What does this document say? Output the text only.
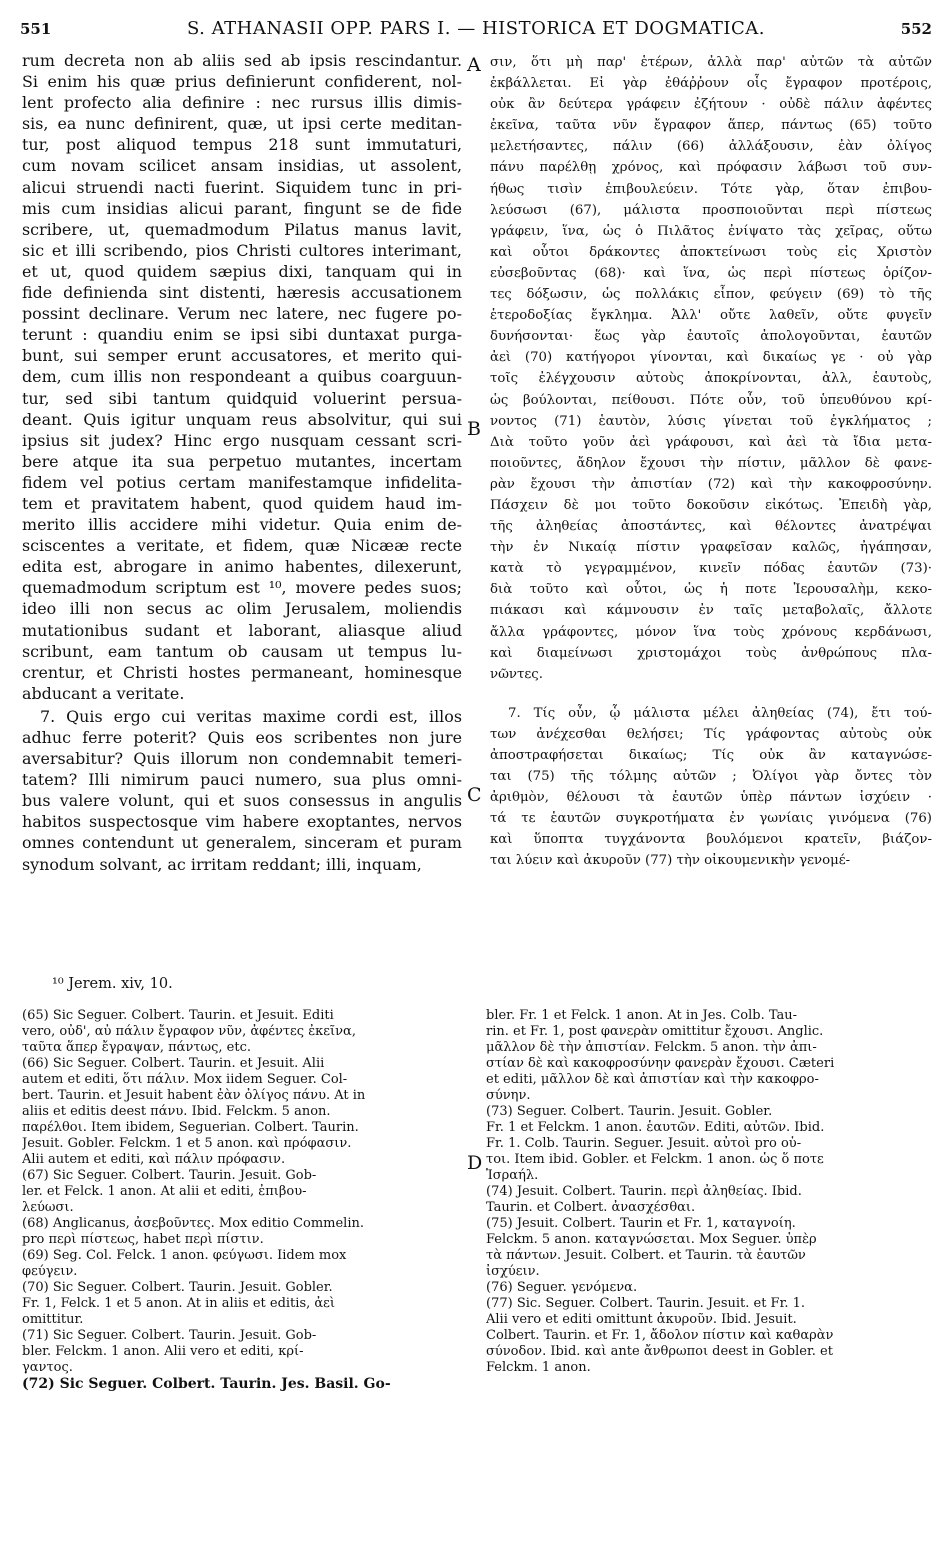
551	S. ATHANASII OPP. PARS I. — HISTORICA ET DOGMATICA.	552
rum decreta non ab aliis sed ab ipsis rescindantur.
Si enim his quæ prius definierunt confiderent, nol-
lent profecto alia definire : nec rursus illis dimis-
sis, ea nunc definirent, quæ, ut ipsi certe meditan-
tur, post aliquod tempus 218 sunt immutaturi,
cum novam scilicet ansam insidias, ut assolent,
alicui struendi nacti fuerint. Siquidem tunc in pri-
mis cum insidias alicui parant, fingunt se de fide
scribere, ut, quemadmodum Pilatus manus lavit,
sic et illi scribendo, pios Christi cultores interimant,
et ut, quod quidem sæpius dixi, tanquam qui in
fide definienda sint distenti, hæresis accusationem
possint declinare. Verum nec latere, nec fugere po-
terunt : quandiu enim se ipsi sibi duntaxat purga-
bunt, sui semper erunt accusatores, et merito qui-
dem, cum illis non respondeant a quibus coarguun-
tur, sed sibi tantum quidquid voluerint persua-
deant. Quis igitur unquam reus absolvitur, qui sui
ipsius sit judex? Hinc ergo nusquam cessant scri-
bere atque ita sua perpetuo mutantes, incertam
fidem vel potius certam manifestamque infidelita-
tem et pravitatem habent, quod quidem haud im-
merito illis accidere mihi videtur. Quia enim de-
sciscentes a veritate, et fidem, quæ Nicææ recte
edita est, abrogare in animo habentes, dilexerunt,
quemadmodum scriptum est ¹⁰, movere pedes suos;
ideo illi non secus ac olim Jerusalem, moliendis
mutationibus sudant et laborant, aliasque aliud
scribunt, eam tantum ob causam ut tempus lu-
crentur, et Christi hostes permaneant, hominesque
abducant a veritate.
7. Quis ergo cui veritas maxime cordi est, illos
adhuc ferre poterit? Quis eos scribentes non jure
aversabitur? Quis illorum non condemnabit temeri-
tatem? Illi nimirum pauci numero, sua plus omni-
bus valere volunt, qui et suos consessus in angulis
habitos suspectosque vim habere exoptantes, nervos
omnes contendunt ut generalem, sinceram et puram
synodum solvant, ac irritam reddant; illi, inquam,
σιν, ὅτι μὴ παρ' ἑτέρων, ἀλλὰ παρ' αὐτῶν τὰ αὐτῶν
ἐκβάλλεται. Εἰ γὰρ ἐθάῤῥουν οἷς ἔγραφον προτέροις,
οὐκ ἂν δεύτερα γράφειν ἐζήτουν · οὐδὲ πάλιν ἀφέντες
ἐκεῖνα, ταῦτα νῦν ἔγραφον ἅπερ, πάντως (65) τοῦτο
μελετήσαντες, πάλιν (66) ἀλλάξουσιν, ἐὰν ὀλίγος
πάνυ παρέλθῃ χρόνος, καὶ πρόφασιν λάβωσι τοῦ συν-
ήθως τισὶν ἐπιβουλεύειν. Τότε γὰρ, ὅταν ἐπιβου-
λεύσωσι (67), μάλιστα προσποιοῦνται περὶ πίστεως
γράφειν, ἵνα, ὡς ὁ Πιλᾶτος ἐνίψατο τὰς χεῖρας, οὕτω
καὶ οὗτοι δράκοντες ἀποκτείνωσι τοὺς εἰς Χριστὸν
εὐσεβοῦντας (68)· καὶ ἵνα, ὡς περὶ πίστεως ὁρίζον-
τες δόξωσιν, ὡς πολλάκις εἶπον, φεύγειν (69) τὸ τῆς
ἑτεροδοξίας ἔγκλημα. Ἀλλ' οὔτε λαθεῖν, οὔτε φυγεῖν
δυνήσονται· ἕως γὰρ ἑαυτοῖς ἀπολογοῦνται, ἑαυτῶν
ἀεὶ (70) κατήγοροι γίνονται, καὶ δικαίως γε · οὐ γὰρ
τοῖς ἐλέγχουσιν αὐτοὺς ἀποκρίνονται, ἀλλ, ἑαυτοὺς,
ὡς βούλονται, πείθουσι. Πότε οὖν, τοῦ ὑπευθύνου κρί-
νοντος (71) ἑαυτὸν, λύσις γίνεται τοῦ ἐγκλήματος ;
Διὰ τοῦτο γοῦν ἀεὶ γράφουσι, καὶ ἀεὶ τὰ ἴδια μετα-
ποιοῦντες, ἄδηλον ἔχουσι τὴν πίστιν, μᾶλλον δὲ φανε-
ρὰν ἔχουσι τὴν ἀπιστίαν (72) καὶ τὴν κακοφροσύνην.
Πάσχειν δὲ μοι τοῦτο δοκοῦσιν εἰκότως. Ἐπειδὴ γὰρ,
τῆς ἀληθείας ἀποστάντες, καὶ θέλοντες ἀνατρέψαι
τὴν ἐν Νικαίᾳ πίστιν γραφεῖσαν καλῶς, ἠγάπησαν,
κατὰ τὸ γεγραμμένον, κινεῖν πόδας ἑαυτῶν (73)·
διὰ τοῦτο καὶ οὗτοι, ὡς ἡ ποτε Ἱερουσαλὴμ, κεκο-
πιάκασι καὶ κάμνουσιν ἐν ταῖς μεταβολαῖς, ἄλλοτε
ἄλλα γράφοντες, μόνον ἵνα τοὺς χρόνους κερδάνωσι,
καὶ διαμείνωσι χριστομάχοι τοὺς ἀνθρώπους πλα-
νῶντες.
7. Τίς οὖν, ᾧ μάλιστα μέλει ἀληθείας (74), ἔτι τού-
των ἀνέχεσθαι θελήσει; Τίς γράφοντας αὐτοὺς οὐκ
ἀποστραφήσεται δικαίως; Τίς οὐκ ἂν καταγνώσε-
ται (75) τῆς τόλμης αὐτῶν ; Ὀλίγοι γὰρ ὄντες τὸν
ἀριθμὸν, θέλουσι τὰ ἑαυτῶν ὑπὲρ πάντων ἰσχύειν ·
τά τε ἑαυτῶν συγκροτήματα ἐν γωνίαις γινόμενα (76)
καὶ ὕποπτα τυγχάνοντα βουλόμενοι κρατεῖν, βιάζον-
ται λύειν καὶ ἀκυροῦν (77) τὴν οἰκουμενικὴν γενομέ-
A
B
C
D
¹⁰ Jerem. xiv, 10.
(65) Sic Seguer. Colbert. Taurin. et Jesuit. Editi
vero, οὐδ', αὖ πάλιν ἔγραφον νῦν, ἀφέντες ἐκεῖνα,
ταῦτα ἅπερ ἔγραψαν, πάντως, etc.
(66) Sic Seguer. Colbert. Taurin. et Jesuit. Alii
autem et editi, ὅτι πάλιν. Mox iidem Seguer. Col-
bert. Taurin. et Jesuit habent ἐὰν ὀλίγος πάνυ. At in
aliis et editis deest πάνυ. Ibid. Felckm. 5 anon.
παρέλθοι. Item ibidem, Seguerian. Colbert. Taurin.
Jesuit. Gobler. Felckm. 1 et 5 anon. καὶ πρόφασιν.
Alii autem et editi, καὶ πάλιν πρόφασιν.
(67) Sic Seguer. Colbert. Taurin. Jesuit. Gob-
ler. et Felck. 1 anon. At alii et editi, ἐπιβου-
λεύωσι.
(68) Anglicanus, ἀσεβοῦντες. Mox editio Commelin.
pro περὶ πίστεως, habet περὶ πίστιν.
(69) Seg. Col. Felck. 1 anon. φεύγωσι. Iidem mox
φεύγειν.
(70) Sic Seguer. Colbert. Taurin. Jesuit. Gobler.
Fr. 1, Felck. 1 et 5 anon. At in aliis et editis, ἀεὶ
omittitur.
(71) Sic Seguer. Colbert. Taurin. Jesuit. Gob-
bler. Felckm. 1 anon. Alii vero et editi, κρί-
γαντος.
(72) Sic Seguer. Colbert. Taurin. Jes. Basil. Go-
bler. Fr. 1 et Felck. 1 anon. At in Jes. Colb. Tau-
rin. et Fr. 1, post φανερὰν omittitur ἔχουσι. Anglic.
μᾶλλον δὲ τὴν ἀπιστίαν. Felckm. 5 anon. τὴν ἀπι-
στίαν δὲ καὶ κακοφροσύνην φανερὰν ἔχουσι. Cæteri
et editi, μᾶλλον δὲ καὶ ἀπιστίαν καὶ τὴν κακοφρο-
σύνην.
(73) Seguer. Colbert. Taurin. Jesuit. Gobler.
Fr. 1 et Felckm. 1 anon. ἑαυτῶν. Editi, αὐτῶν. Ibid.
Fr. 1. Colb. Taurin. Seguer. Jesuit. αὐτοὶ pro οὗ-
τοι. Item ibid. Gobler. et Felckm. 1 anon. ὡς ὅ ποτε
Ἰσραήλ.
(74) Jesuit. Colbert. Taurin. περὶ ἀληθείας. Ibid.
Taurin. et Colbert. ἀνασχέσθαι.
(75) Jesuit. Colbert. Taurin et Fr. 1, καταγνοίη.
Felckm. 5 anon. καταγνώσεται. Mox Seguer. ὑπὲρ
τὰ πάντων. Jesuit. Colbert. et Taurin. τὰ ἑαυτῶν
ἰσχύειν.
(76) Seguer. γενόμενα.
(77) Sic. Seguer. Colbert. Taurin. Jesuit. et Fr. 1.
Alii vero et editi omittunt ἀκυροῦν. Ibid. Jesuit.
Colbert. Taurin. et Fr. 1, ἄδολον πίστιν καὶ καθαρὰν
σύνοδον. Ibid. καὶ ante ἄνθρωποι deest in Gobler. et
Felckm. 1 anon.
